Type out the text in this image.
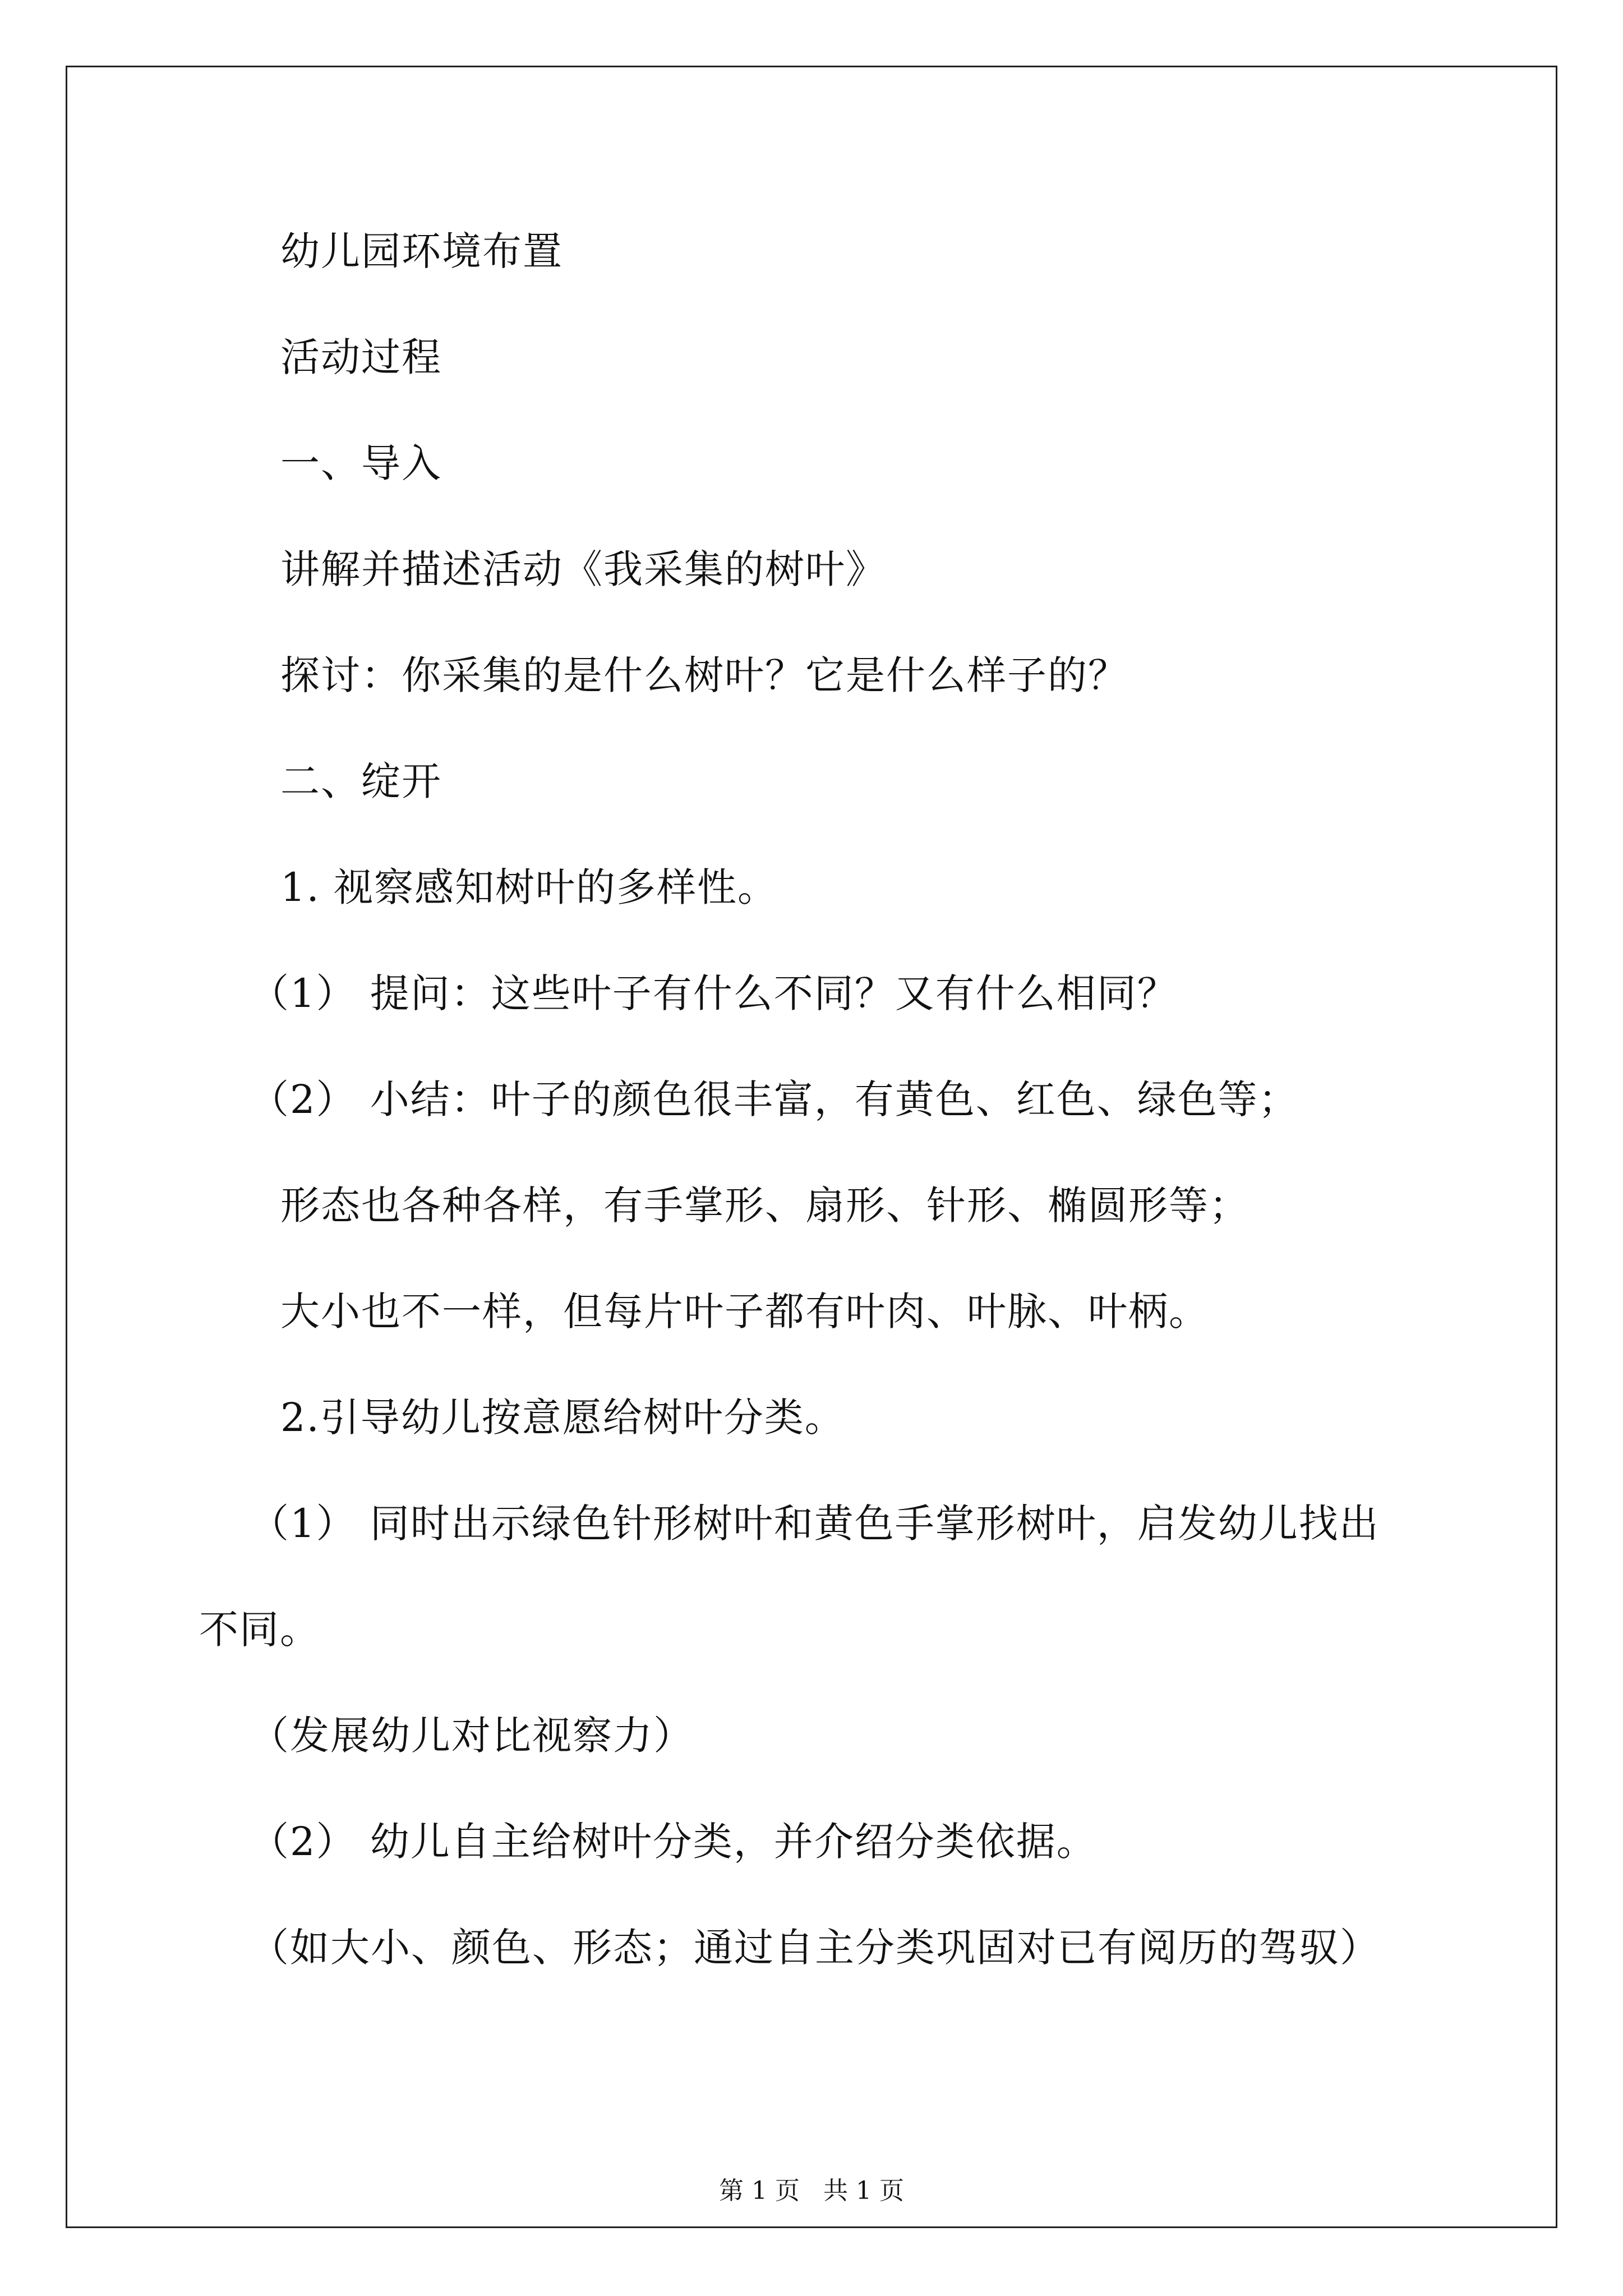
幼儿园环境布置
活动过程
一、导入
讲解并描述活动《我采集的树叶》
探讨：你采集的是什么树叶？它是什么样子的？
二、绽开
1. 视察感知树叶的多样性。
（1） 提问：这些叶子有什么不同？又有什么相同？
（2） 小结：叶子的颜色很丰富，有黄色、红色、绿色等；
形态也各种各样，有手掌形、扇形、针形、椭圆形等；
大小也不一样，但每片叶子都有叶肉、叶脉、叶柄。
2.引导幼儿按意愿给树叶分类。
（1） 同时出示绿色针形树叶和黄色手掌形树叶，启发幼儿找出
不同。
（发展幼儿对比视察力）
（2） 幼儿自主给树叶分类，并介绍分类依据。
（如大小、颜色、形态；通过自主分类巩固对已有阅历的驾驭）
第 1 页   共 1 页
